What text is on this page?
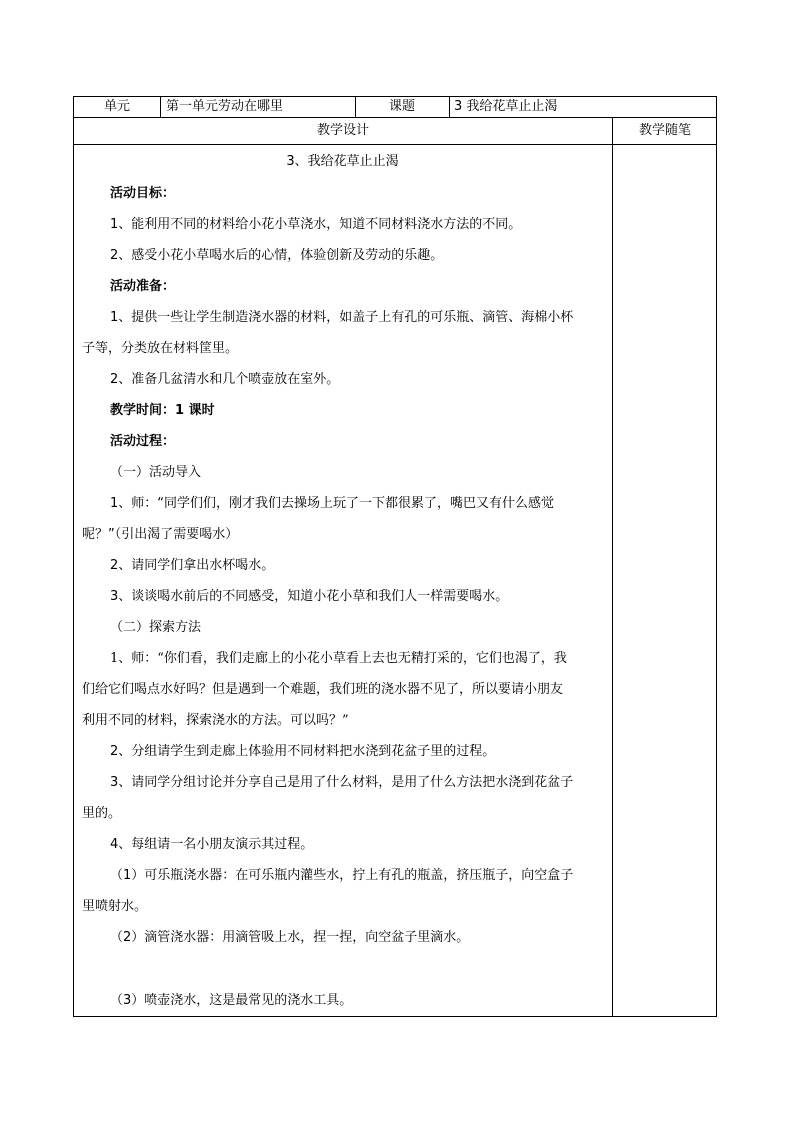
单元	第一单元劳动在哪里	课题	3 我给花草止止渴
教学设计	教学随笔
3、我给花草止止渴
活动目标：
1、能利用不同的材料给小花小草浇水，知道不同材料浇水方法的不同。
2、感受小花小草喝水后的心情，体验创新及劳动的乐趣。
活动准备：
1、提供一些让学生制造浇水器的材料，如盖子上有孔的可乐瓶、滴管、海棉小杯
子等，分类放在材料筐里。
2、准备几盆清水和几个喷壶放在室外。
教学时间：1 课时
活动过程：
（一）活动导入
1、师：“同学们们，刚才我们去操场上玩了一下都很累了，嘴巴又有什么感觉
呢？”（引出渴了需要喝水）
2、请同学们拿出水杯喝水。
3、谈谈喝水前后的不同感受，知道小花小草和我们人一样需要喝水。
（二）探索方法
1、师：“你们看，我们走廊上的小花小草看上去也无精打采的，它们也渴了，我
们给它们喝点水好吗？但是遇到一个难题，我们班的浇水器不见了，所以要请小朋友
利用不同的材料，探索浇水的方法。可以吗？”
2、分组请学生到走廊上体验用不同材料把水浇到花盆子里的过程。
3、请同学分组讨论并分享自己是用了什么材料，是用了什么方法把水浇到花盆子
里的。
4、每组请一名小朋友演示其过程。
（1）可乐瓶浇水器：在可乐瓶内灌些水，拧上有孔的瓶盖，挤压瓶子，向空盒子
里喷射水。
（2）滴管浇水器：用滴管吸上水，捏一捏，向空盆子里滴水。
（3）喷壶浇水，这是最常见的浇水工具。
